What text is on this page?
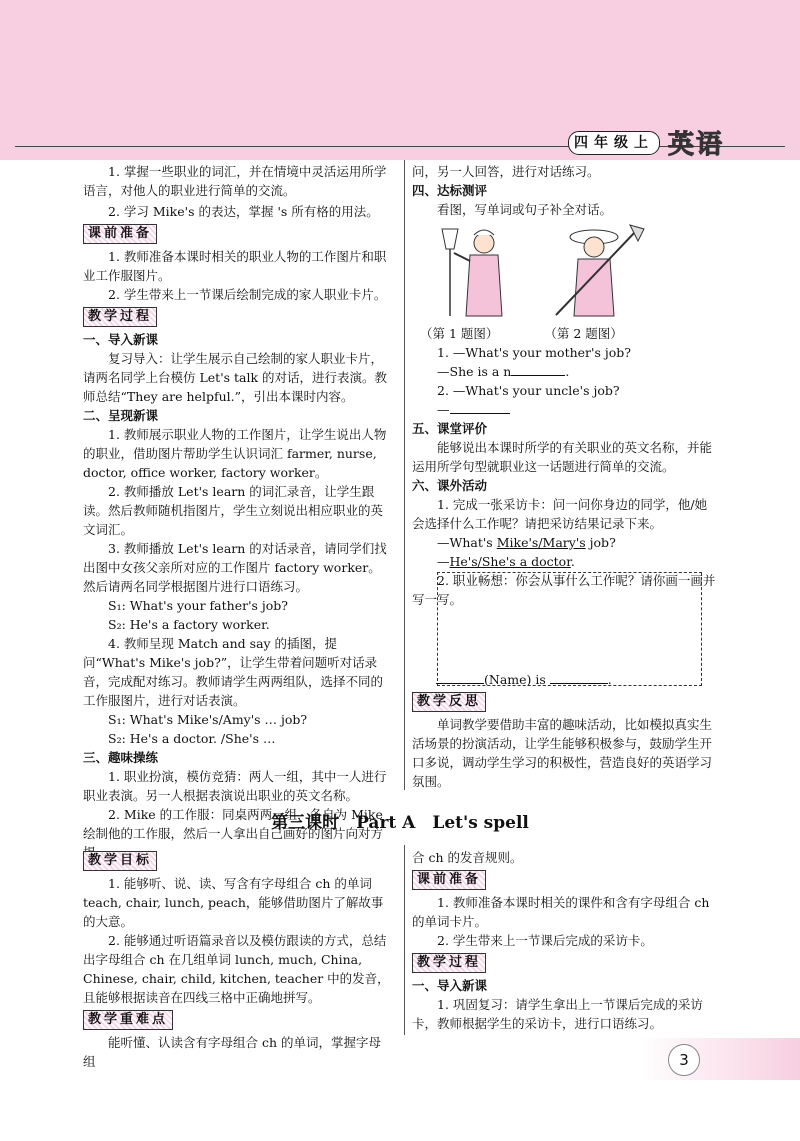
四年级上 英语

1. 掌握一些职业的词汇，并在情境中灵活运用所学语言，对他人的职业进行简单的交流。

2. 学习 Mike's 的表达，掌握 's 所有格的用法。

课前准备

1. 教师准备本课时相关的职业人物的工作图片和职业工作服图片。

2. 学生带来上一节课后绘制完成的家人职业卡片。

教学过程

一、导入新课

复习导入：让学生展示自己绘制的家人职业卡片，请两名同学上台模仿 Let's talk 的对话，进行表演。教师总结“They are helpful.”，引出本课时内容。

二、呈现新课

1. 教师展示职业人物的工作图片，让学生说出人物的职业，借助图片帮助学生认识词汇 farmer, nurse, doctor, office worker, factory worker。

2. 教师播放 Let's learn 的词汇录音，让学生跟读。然后教师随机指图片，学生立刻说出相应职业的英文词汇。

3. 教师播放 Let's learn 的对话录音，请同学们找出图中女孩父亲所对应的工作图片 factory worker。然后请两名同学根据图片进行口语练习。

S₁: What's your father's job?

S₂: He's a factory worker.

4. 教师呈现 Match and say 的插图，提问“What's Mike's job?”，让学生带着问题听对话录音，完成配对练习。教师请学生两两组队，选择不同的工作服图片，进行对话表演。

S₁: What's Mike's/Amy's … job?

S₂: He's a doctor. /She's …

三、趣味操练

1. 职业扮演，模仿竞猜：两人一组，其中一人进行职业表演。另一人根据表演说出职业的英文名称。

2. Mike 的工作服：同桌两两一组，各自为 Mike 绘制他的工作服，然后一人拿出自己画好的图片向对方

问，另一人回答，进行对话练习。

四、达标测评

看图，写单词或句子补全对话。

（第 1 题图）	（第 2 题图）

1. —What's your mother's job?

—She is a n	.

2. —What's your uncle's job?

—

五、课堂评价

能够说出本课时所学的有关职业的英文名称，并能运用所学句型就职业这一话题进行简单的交流。

六、课外活动

1. 完成一张采访卡：问一问你身边的同学，他/她会选择什么工作呢？请把采访结果记录下来。

—What's Mike's/Mary's job?

—He's/She's a doctor.

2. 职业畅想：你会从事什么工作呢？请你画一画并写一写。

(Name) is	.

教学反思

单词教学要借助丰富的趣味活动，比如模拟真实生活场景的扮演活动，让学生能够积极参与，鼓励学生开口多说，调动学生学习的积极性，营造良好的英语学习氛围。

第三课时　Part A　Let's spell
教学目标

1. 能够听、说、读、写含有字母组合 ch 的单词 teach, chair, lunch, peach，能够借助图片了解故事的大意。

2. 能够通过听语篇录音以及模仿跟读的方式，总结出字母组合 ch 在几组单词 lunch, much, China, Chinese, chair, child, kitchen, teacher 中的发音，且能够根据读音在四线三格中正确地拼写。

教学重难点

能听懂、认读含有字母组合 ch 的单词，掌握字母组

合 ch 的发音规则。

课前准备

1. 教师准备本课时相关的课件和含有字母组合 ch 的单词卡片。

2. 学生带来上一节课后完成的采访卡。

教学过程

一、导入新课

1. 巩固复习：请学生拿出上一节课后完成的采访卡，教师根据学生的采访卡，进行口语练习。

3
